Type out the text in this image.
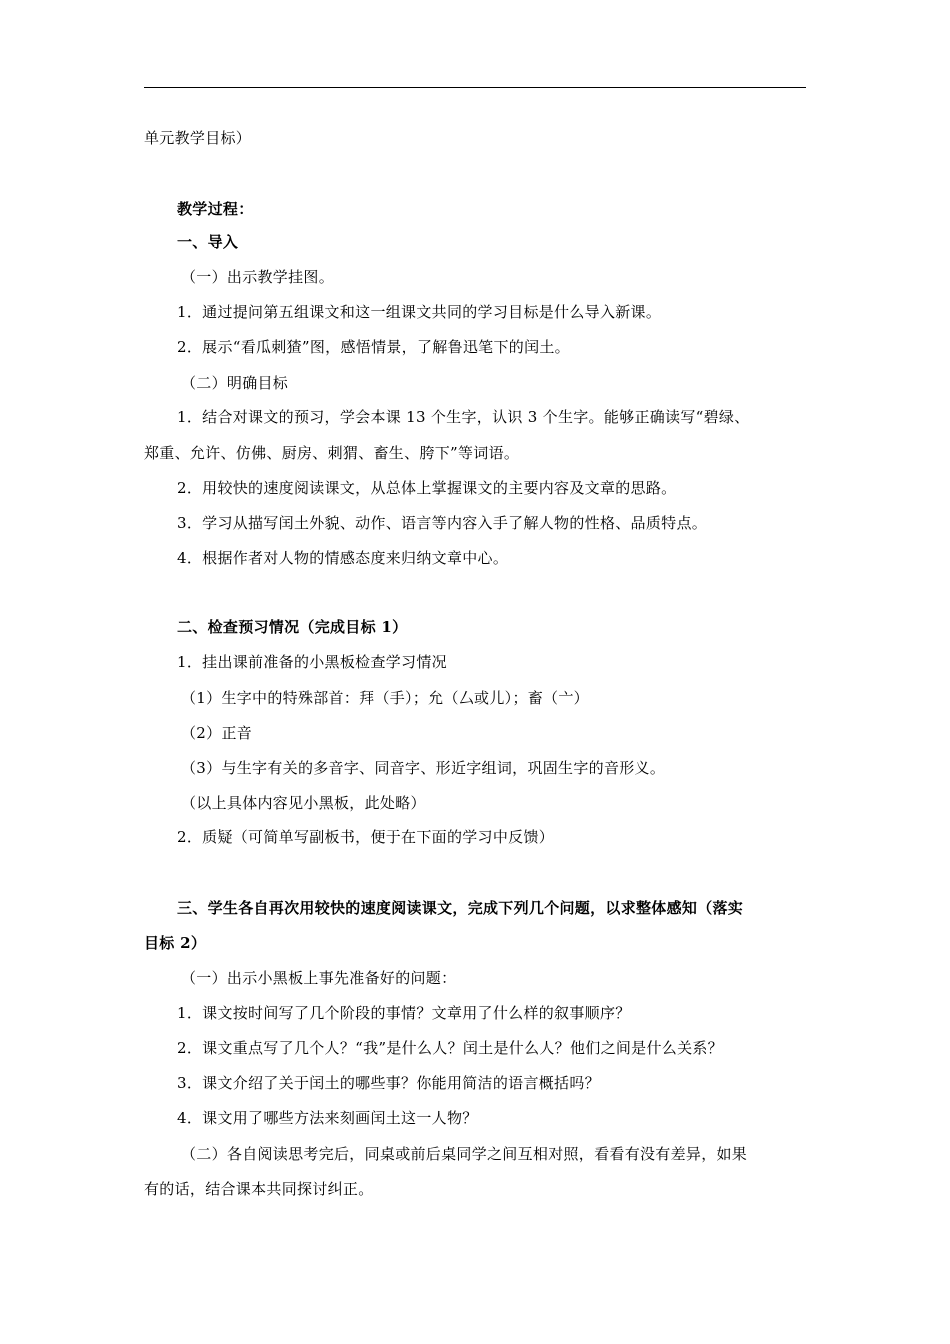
单元教学目标）
教学过程：
一、导入
（一）出示教学挂图。
1．通过提问第五组课文和这一组课文共同的学习目标是什么导入新课。
2．展示“看瓜刺猹”图，感悟情景，了解鲁迅笔下的闰土。
（二）明确目标
1．结合对课文的预习，学会本课 13 个生字，认识 3 个生字。能够正确读写“碧绿、
郑重、允许、仿佛、厨房、刺猬、畜生、胯下”等词语。
2．用较快的速度阅读课文，从总体上掌握课文的主要内容及文章的思路。
3．学习从描写闰土外貌、动作、语言等内容入手了解人物的性格、品质特点。
4．根据作者对人物的情感态度来归纳文章中心。
二、检查预习情况（完成目标 1）
1．挂出课前准备的小黑板检查学习情况
（1）生字中的特殊部首：拜（手）；允（厶或儿）；畜（亠）
（2）正音
（3）与生字有关的多音字、同音字、形近字组词，巩固生字的音形义。
（以上具体内容见小黑板，此处略）
2．质疑（可简单写副板书，便于在下面的学习中反馈）
三、学生各自再次用较快的速度阅读课文，完成下列几个问题，以求整体感知（落实
目标 2）
（一）出示小黑板上事先准备好的问题：
1．课文按时间写了几个阶段的事情？文章用了什么样的叙事顺序？
2．课文重点写了几个人？“我”是什么人？闰土是什么人？他们之间是什么关系？
3．课文介绍了关于闰土的哪些事？你能用简洁的语言概括吗？
4．课文用了哪些方法来刻画闰土这一人物？
（二）各自阅读思考完后，同桌或前后桌同学之间互相对照，看看有没有差异，如果
有的话，结合课本共同探讨纠正。
